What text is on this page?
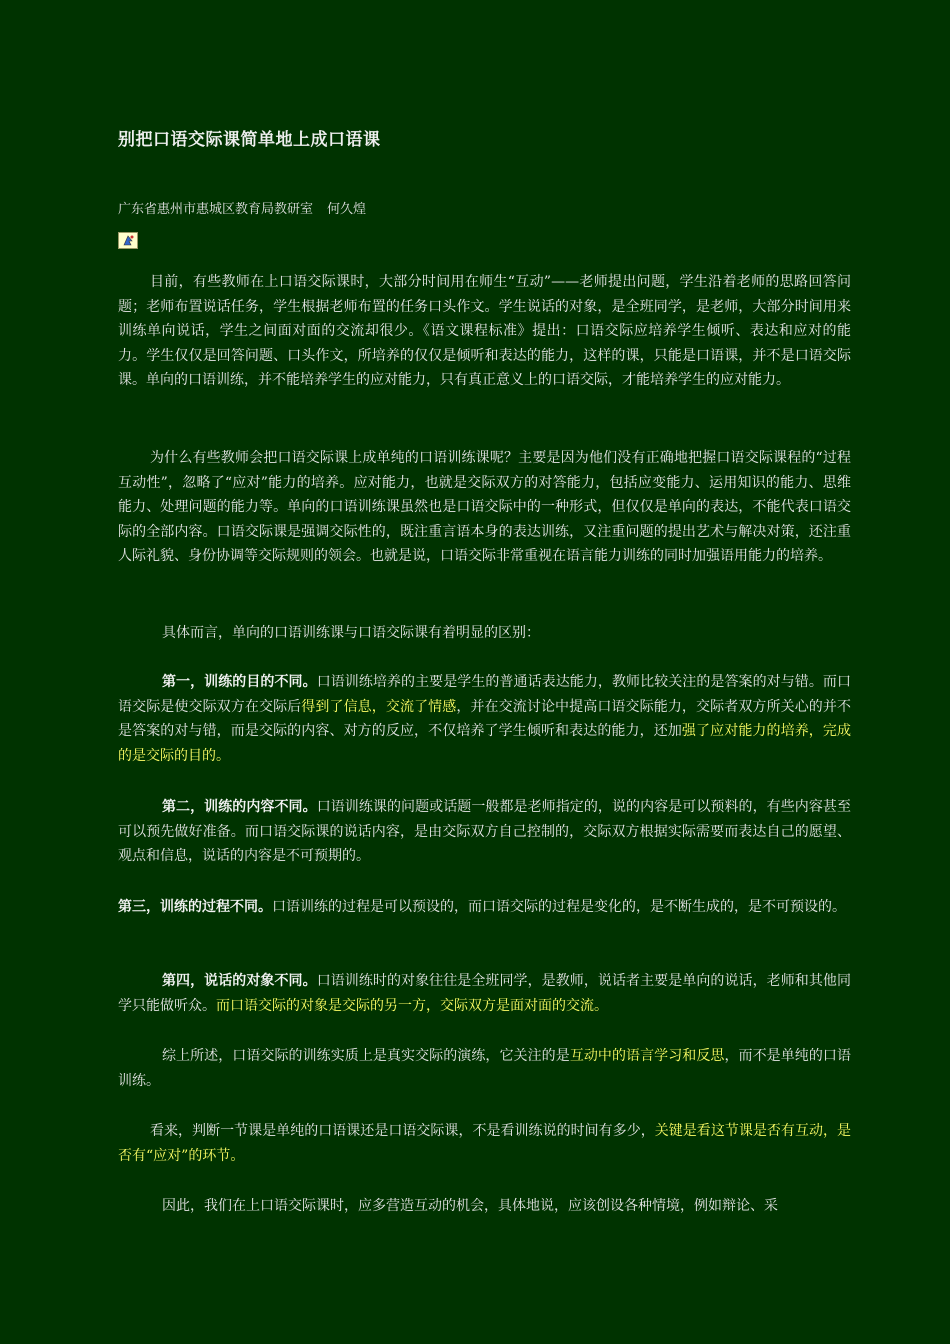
别把口语交际课简单地上成口语课
广东省惠州市惠城区教育局教研室 何久煌

目前，有些教师在上口语交际课时，大部分时间用在师生“互动”——老师提出问题，学生沿着老师的思路回答问题；老师布置说话任务，学生根据老师布置的任务口头作文。学生说话的对象，是全班同学，是老师，大部分时间用来训练单向说话，学生之间面对面的交流却很少。《语文课程标准》提出：口语交际应培养学生倾听、表达和应对的能力。学生仅仅是回答问题、口头作文，所培养的仅仅是倾听和表达的能力，这样的课，只能是口语课，并不是口语交际课。单向的口语训练，并不能培养学生的应对能力，只有真正意义上的口语交际，才能培养学生的应对能力。

为什么有些教师会把口语交际课上成单纯的口语训练课呢？主要是因为他们没有正确地把握口语交际课程的“过程互动性”，忽略了“应对”能力的培养。应对能力，也就是交际双方的对答能力，包括应变能力、运用知识的能力、思维能力、处理问题的能力等。单向的口语训练课虽然也是口语交际中的一种形式，但仅仅是单向的表达，不能代表口语交际的全部内容。口语交际课是强调交际性的，既注重言语本身的表达训练，又注重问题的提出艺术与解决对策，还注重人际礼貌、身份协调等交际规则的领会。也就是说，口语交际非常重视在语言能力训练的同时加强语用能力的培养。

具体而言，单向的口语训练课与口语交际课有着明显的区别：

第一，训练的目的不同。口语训练培养的主要是学生的普通话表达能力，教师比较关注的是答案的对与错。而口语交际是使交际双方在交际后得到了信息，交流了情感，并在交流讨论中提高口语交际能力，交际者双方所关心的并不是答案的对与错，而是交际的内容、对方的反应，不仅培养了学生倾听和表达的能力，还加强了应对能力的培养，完成的是交际的目的。

第二，训练的内容不同。口语训练课的问题或话题一般都是老师指定的，说的内容是可以预料的，有些内容甚至可以预先做好准备。而口语交际课的说话内容，是由交际双方自己控制的，交际双方根据实际需要而表达自己的愿望、观点和信息，说话的内容是不可预期的。

第三，训练的过程不同。口语训练的过程是可以预设的，而口语交际的过程是变化的，是不断生成的，是不可预设的。

第四，说话的对象不同。口语训练时的对象往往是全班同学，是教师，说话者主要是单向的说话，老师和其他同学只能做听众。而口语交际的对象是交际的另一方，交际双方是面对面的交流。

综上所述，口语交际的训练实质上是真实交际的演练，它关注的是互动中的语言学习和反思，而不是单纯的口语训练。

看来，判断一节课是单纯的口语课还是口语交际课，不是看训练说的时间有多少，关键是看这节课是否有互动，是否有“应对”的环节。

因此，我们在上口语交际课时，应多营造互动的机会，具体地说，应该创设各种情境，例如辩论、采
